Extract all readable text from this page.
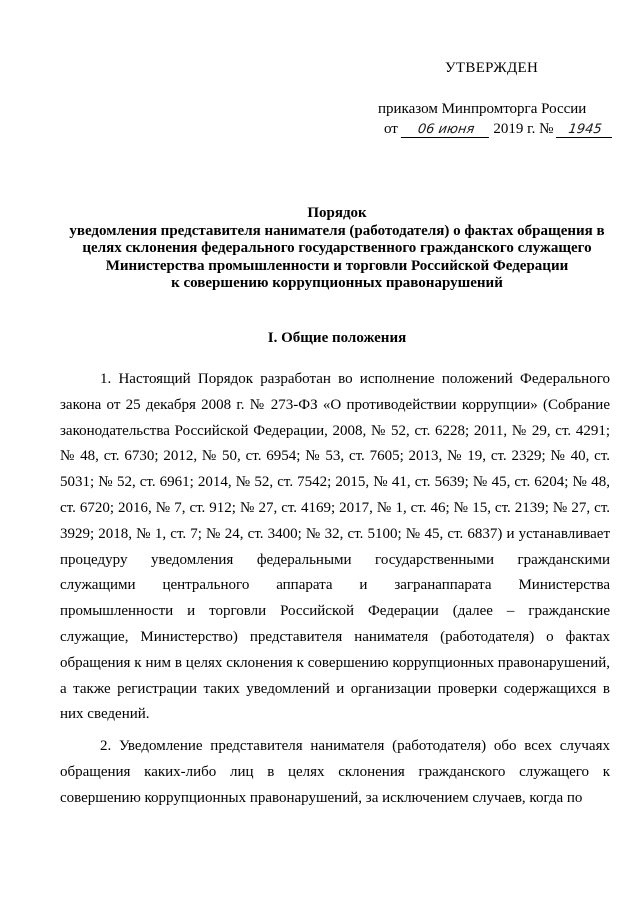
УТВЕРЖДЕН
приказом Минпромторга России
от 06 июня 2019 г. № 1945
Порядок
уведомления представителя нанимателя (работодателя) о фактах обращения в
целях склонения федерального государственного гражданского служащего
Министерства промышленности и торговли Российской Федерации
к совершению коррупционных правонарушений
I. Общие положения

1. Настоящий Порядок разработан во исполнение положений Федерального закона от 25 декабря 2008 г. № 273-ФЗ «О противодействии коррупции» (Собрание законодательства Российской Федерации, 2008, № 52, ст. 6228; 2011, № 29, ст. 4291; № 48, ст. 6730; 2012, № 50, ст. 6954; № 53, ст. 7605; 2013, № 19, ст. 2329; № 40, ст. 5031; № 52, ст. 6961; 2014, № 52, ст. 7542; 2015, № 41, ст. 5639; № 45, ст. 6204; № 48, ст. 6720; 2016, № 7, ст. 912; № 27, ст. 4169; 2017, № 1, ст. 46; № 15, ст. 2139; № 27, ст. 3929; 2018, № 1, ст. 7; № 24, ст. 3400; № 32, ст. 5100; № 45, ст. 6837) и устанавливает процедуру уведомления федеральными государственными гражданскими служащими центрального аппарата и загранаппарата Министерства промышленности и торговли Российской Федерации (далее – гражданские служащие, Министерство) представителя нанимателя (работодателя) о фактах обращения к ним в целях склонения к совершению коррупционных правонарушений, а также регистрации таких уведомлений и организации проверки содержащихся в них сведений.

2. Уведомление представителя нанимателя (работодателя) обо всех случаях обращения каких-либо лиц в целях склонения гражданского служащего к совершению коррупционных правонарушений, за исключением случаев, когда по
